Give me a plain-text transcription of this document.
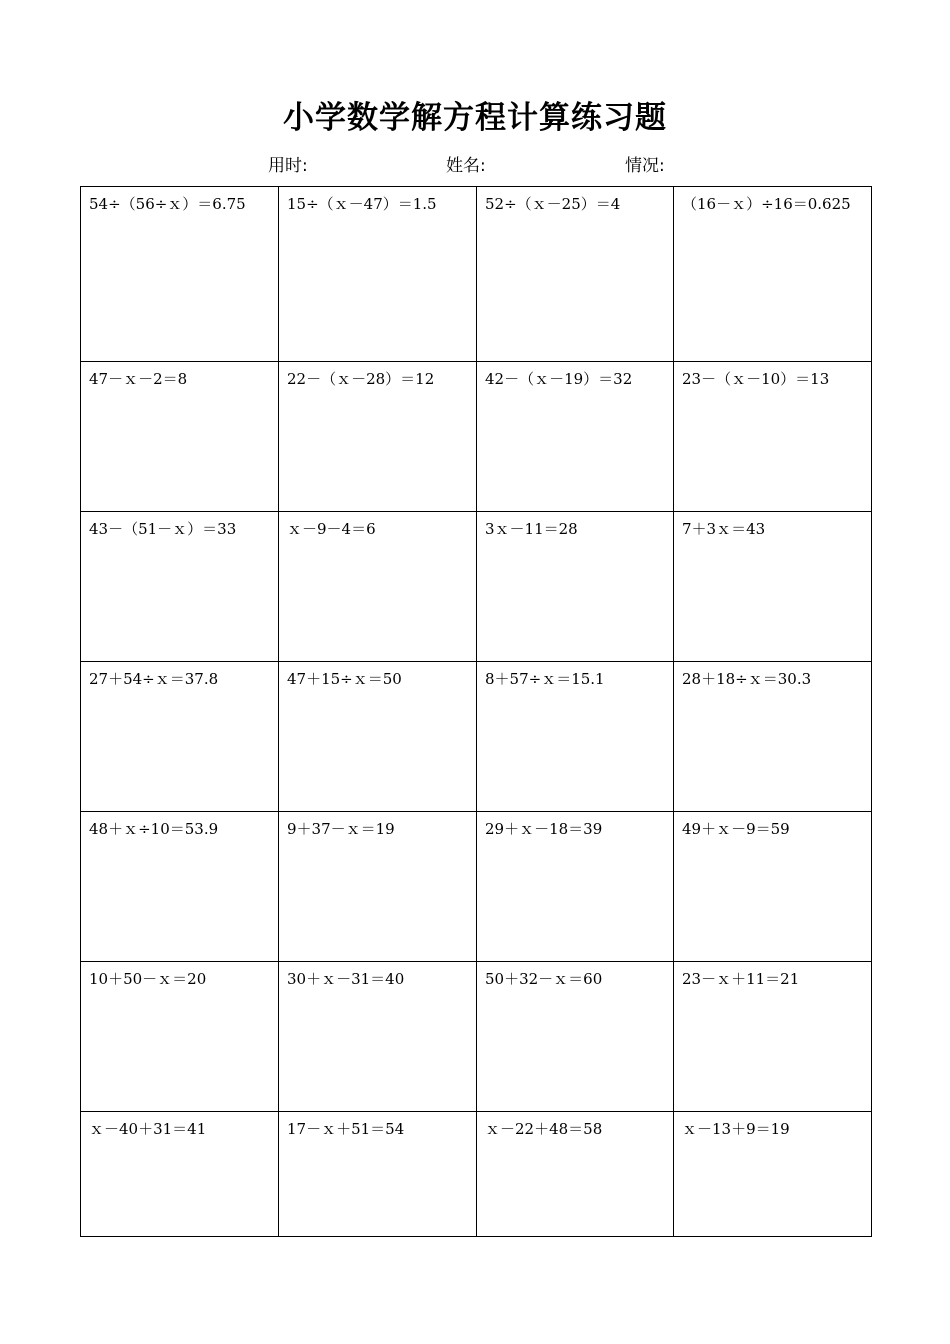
小学数学解方程计算练习题
用时:	姓名:	情况:
54÷（56÷ｘ）＝6.75	15÷（ｘ－47）＝1.5	52÷（ｘ－25）＝4	（16－ｘ）÷16＝0.625
47－ｘ－2＝8	22－（ｘ－28）＝12	42－（ｘ－19）＝32	23－（ｘ－10）＝13
43－（51－ｘ）＝33	ｘ－9－4＝6	3ｘ－11＝28	7＋3ｘ＝43
27＋54÷ｘ＝37.8	47＋15÷ｘ＝50	8＋57÷ｘ＝15.1	28＋18÷ｘ＝30.3
48＋ｘ÷10＝53.9	9＋37－ｘ＝19	29＋ｘ－18＝39	49＋ｘ－9＝59
10＋50－ｘ＝20	30＋ｘ－31＝40	50＋32－ｘ＝60	23－ｘ＋11＝21
ｘ－40＋31＝41	17－ｘ＋51＝54	ｘ－22＋48＝58	ｘ－13＋9＝19
